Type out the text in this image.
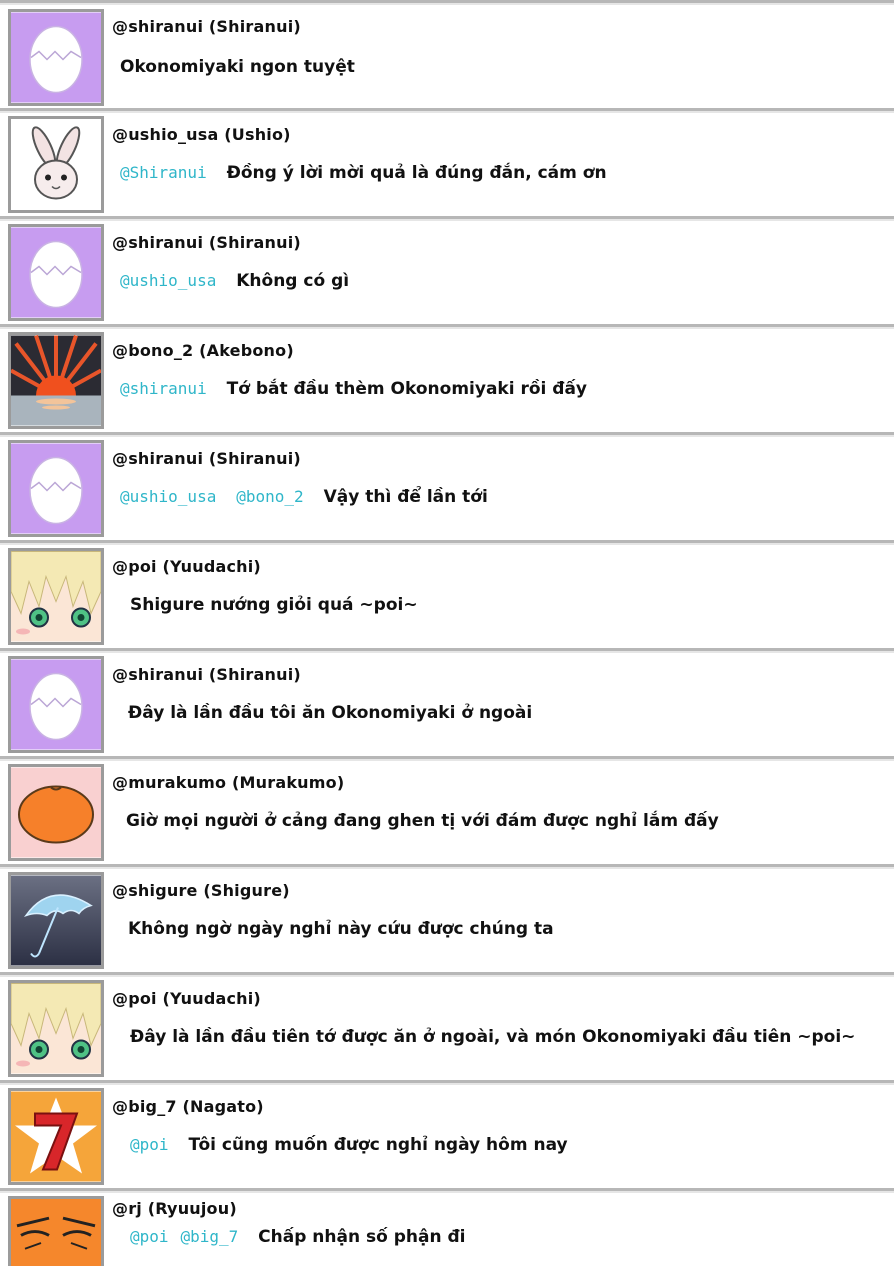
@shiranui (Shiranui)
Okonomiyaki ngon tuyệt
@ushio_usa (Ushio)
@Shiranui Đồng ý lời mời quả là đúng đắn, cám ơn
@shiranui (Shiranui)
@ushio_usa Không có gì
@bono_2 (Akebono)
@shiranui Tớ bắt đầu thèm Okonomiyaki rồi đấy
@shiranui (Shiranui)
@ushio_usa @bono_2 Vậy thì để lần tới
@poi (Yuudachi)
Shigure nướng giỏi quá ~poi~
@shiranui (Shiranui)
Đây là lần đầu tôi ăn Okonomiyaki ở ngoài
@murakumo (Murakumo)
Giờ mọi người ở cảng đang ghen tị với đám được nghỉ lắm đấy
@shigure (Shigure)
Không ngờ ngày nghỉ này cứu được chúng ta
@poi (Yuudachi)
Đây là lần đầu tiên tớ được ăn ở ngoài, và món Okonomiyaki đầu tiên ~poi~
@big_7 (Nagato)
@poi Tôi cũng muốn được nghỉ ngày hôm nay
@rj (Ryuujou)
@poi @big_7 Chấp nhận số phận đi
